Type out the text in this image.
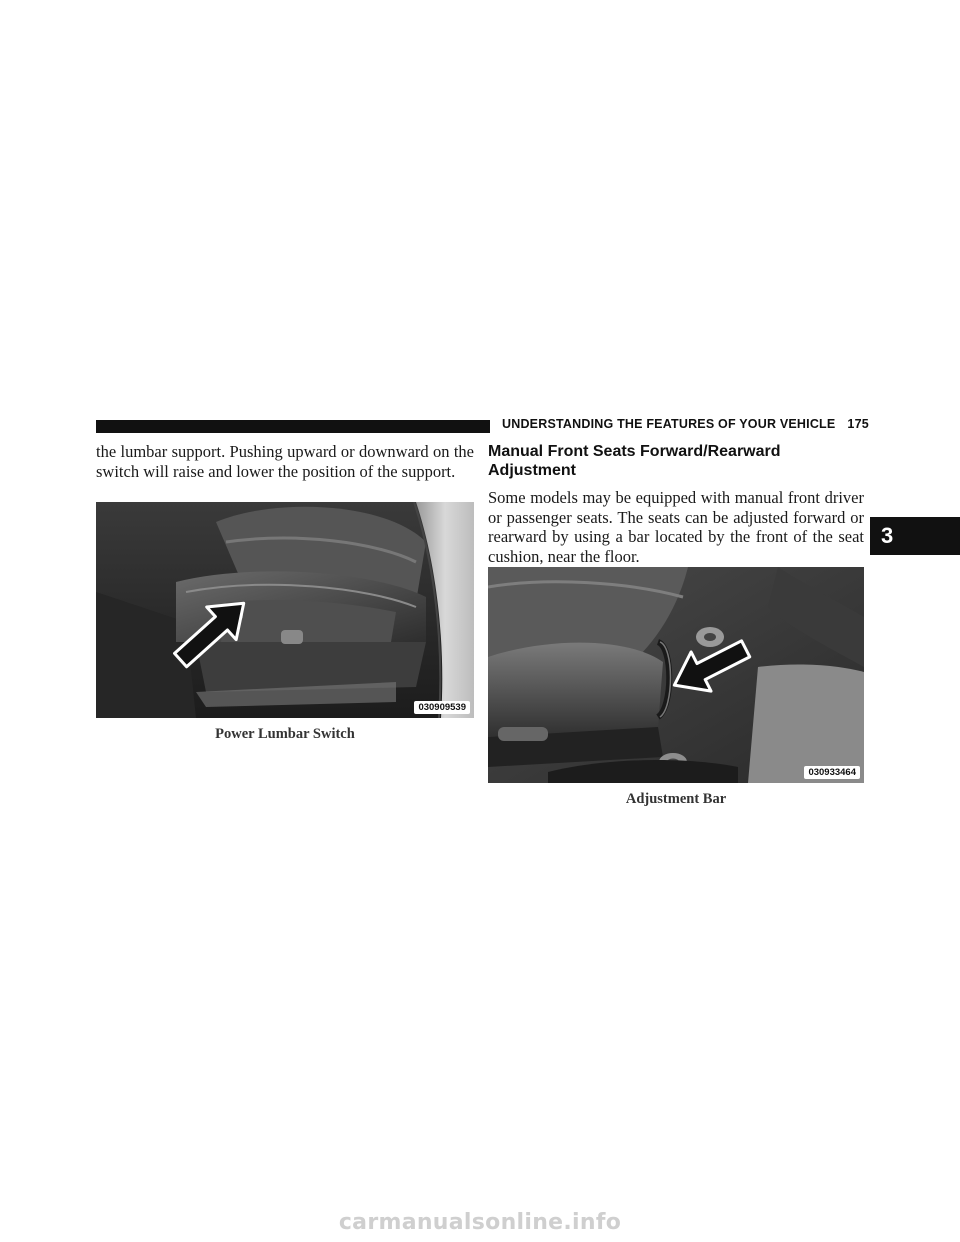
UNDERSTANDING THE FEATURES OF YOUR VEHICLE 175
3

the lumbar support. Pushing upward or downward on the switch will raise and lower the position of the support.

030909539
Power Lumbar Switch
Manual Front Seats Forward/Rearward Adjustment

Some models may be equipped with manual front driver or passenger seats. The seats can be adjusted forward or rearward by using a bar located by the front of the seat cushion, near the floor.

030933464
Adjustment Bar
carmanualsonline.info
